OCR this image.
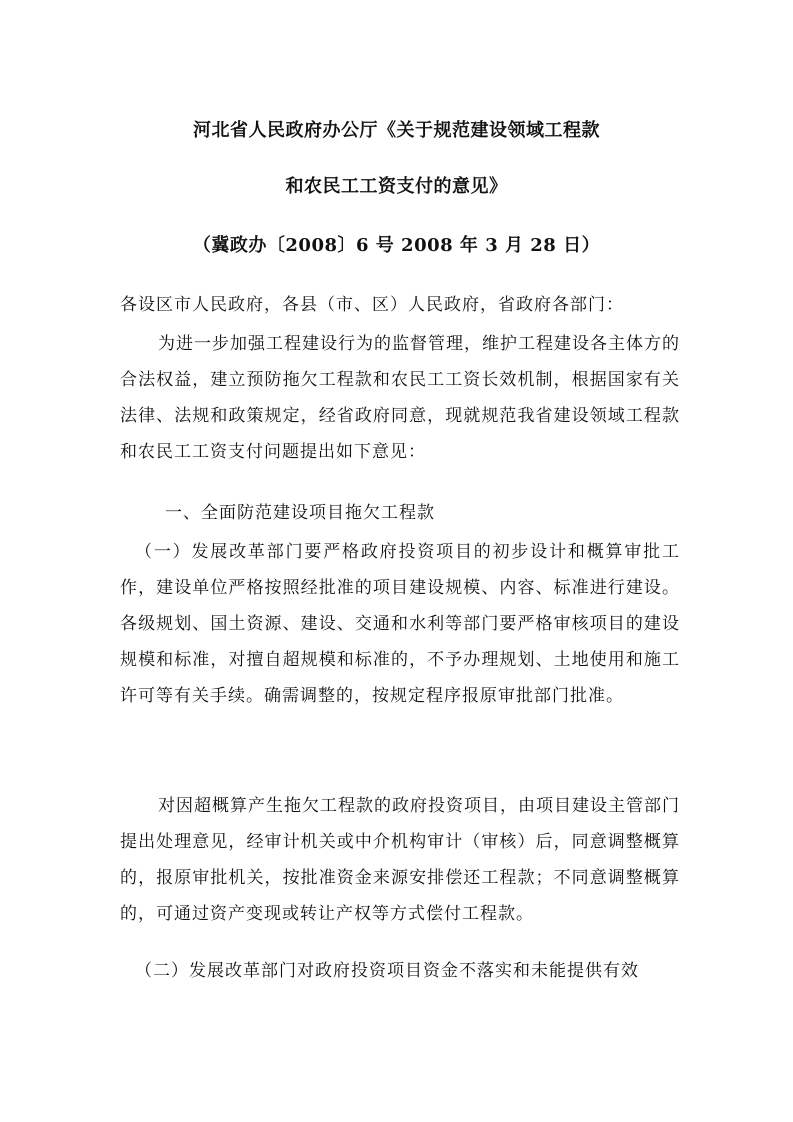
河北省人民政府办公厅《关于规范建设领域工程款
和农民工工资支付的意见》
（冀政办〔2008〕6 号 2008 年 3 月 28 日）
各设区市人民政府，各县（市、区）人民政府，省政府各部门：
为进一步加强工程建设行为的监督管理，维护工程建设各主体方的合法权益，建立预防拖欠工程款和农民工工资长效机制，根据国家有关法律、法规和政策规定，经省政府同意，现就规范我省建设领域工程款和农民工工资支付问题提出如下意见：
一、全面防范建设项目拖欠工程款
（一）发展改革部门要严格政府投资项目的初步设计和概算审批工作，建设单位严格按照经批准的项目建设规模、内容、标准进行建设。各级规划、国土资源、建设、交通和水利等部门要严格审核项目的建设规模和标准，对擅自超规模和标准的，不予办理规划、土地使用和施工许可等有关手续。确需调整的，按规定程序报原审批部门批准。
对因超概算产生拖欠工程款的政府投资项目，由项目建设主管部门提出处理意见，经审计机关或中介机构审计（审核）后，同意调整概算的，报原审批机关，按批准资金来源安排偿还工程款；不同意调整概算的，可通过资产变现或转让产权等方式偿付工程款。
（二）发展改革部门对政府投资项目资金不落实和未能提供有效
